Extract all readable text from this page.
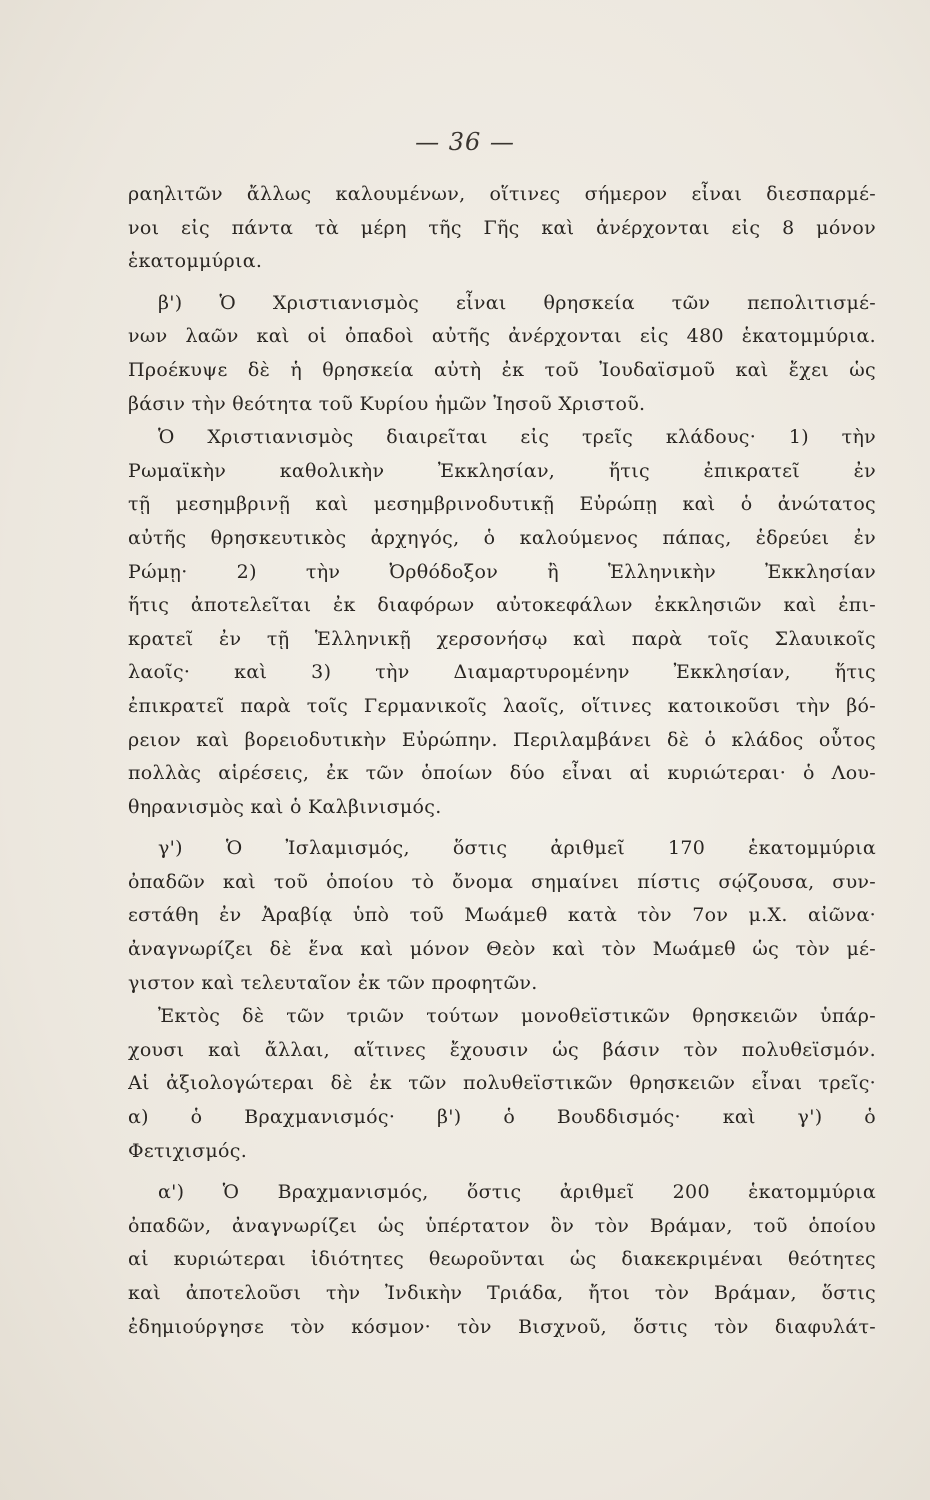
— 36 —
ραηλιτῶν ἄλλως καλουμένων, οἵτινες σήμερον εἶναι διεσπαρμέ-
νοι εἰς πάντα τὰ μέρη τῆς Γῆς καὶ ἀνέρχονται εἰς 8 μόνον
ἑκατομμύρια.
β') Ὁ Χριστιανισμὸς εἶναι θρησκεία τῶν πεπολιτισμέ-
νων λαῶν καὶ οἱ ὀπαδοὶ αὐτῆς ἀνέρχονται εἰς 480 ἑκατομμύρια.
Προέκυψε δὲ ἡ θρησκεία αὐτὴ ἐκ τοῦ Ἰουδαϊσμοῦ καὶ ἔχει ὡς
βάσιν τὴν θεότητα τοῦ Κυρίου ἡμῶν Ἰησοῦ Χριστοῦ.
Ὁ Χριστιανισμὸς διαιρεῖται εἰς τρεῖς κλάδους· 1) τὴν
Ρωμαϊκὴν καθολικὴν Ἐκκλησίαν, ἥτις ἐπικρατεῖ ἐν
τῇ μεσημβρινῇ καὶ μεσημβρινοδυτικῇ Εὐρώπῃ καὶ ὁ ἀνώτατος
αὐτῆς θρησκευτικὸς ἀρχηγός, ὁ καλούμενος πάπας, ἑδρεύει ἐν
Ρώμῃ· 2) τὴν Ὀρθόδοξον ἢ Ἑλληνικὴν Ἐκκλησίαν
ἥτις ἀποτελεῖται ἐκ διαφόρων αὐτοκεφάλων ἐκκλησιῶν καὶ ἐπι-
κρατεῖ ἐν τῇ Ἑλληνικῇ χερσονήσῳ καὶ παρὰ τοῖς Σλαυικοῖς
λαοῖς· καὶ 3) τὴν Διαμαρτυρομένην Ἐκκλησίαν, ἥτις
ἐπικρατεῖ παρὰ τοῖς Γερμανικοῖς λαοῖς, οἵτινες κατοικοῦσι τὴν βό-
ρειον καὶ βορειοδυτικὴν Εὐρώπην. Περιλαμβάνει δὲ ὁ κλάδος οὗτος
πολλὰς αἱρέσεις, ἐκ τῶν ὁποίων δύο εἶναι αἱ κυριώτεραι· ὁ Λου-
θηρανισμὸς καὶ ὁ Καλβινισμός.
γ') Ὁ Ἰσλαμισμός, ὅστις ἀριθμεῖ 170 ἑκατομμύρια
ὀπαδῶν καὶ τοῦ ὁποίου τὸ ὄνομα σημαίνει πίστις σῴζουσα, συν-
εστάθη ἐν Ἀραβίᾳ ὑπὸ τοῦ Μωάμεθ κατὰ τὸν 7ον μ.Χ. αἰῶνα·
ἀναγνωρίζει δὲ ἕνα καὶ μόνον Θεὸν καὶ τὸν Μωάμεθ ὡς τὸν μέ-
γιστον καὶ τελευταῖον ἐκ τῶν προφητῶν.
Ἐκτὸς δὲ τῶν τριῶν τούτων μονοθεϊστικῶν θρησκειῶν ὑπάρ-
χουσι καὶ ἄλλαι, αἵτινες ἔχουσιν ὡς βάσιν τὸν πολυθεϊσμόν.
Αἱ ἀξιολογώτεραι δὲ ἐκ τῶν πολυθεϊστικῶν θρησκειῶν εἶναι τρεῖς·
α) ὁ Βραχμανισμός· β') ὁ Βουδδισμός· καὶ γ') ὁ
Φετιχισμός.
α') Ὁ Βραχμανισμός, ὅστις ἀριθμεῖ 200 ἑκατομμύρια
ὀπαδῶν, ἀναγνωρίζει ὡς ὑπέρτατον ὂν τὸν Βράμαν, τοῦ ὁποίου
αἱ κυριώτεραι ἰδιότητες θεωροῦνται ὡς διακεκριμέναι θεότητες
καὶ ἀποτελοῦσι τὴν Ἰνδικὴν Τριάδα, ἤτοι τὸν Βράμαν, ὅστις
ἐδημιούργησε τὸν κόσμον· τὸν Βισχνοῦ, ὅστις τὸν διαφυλάτ-
